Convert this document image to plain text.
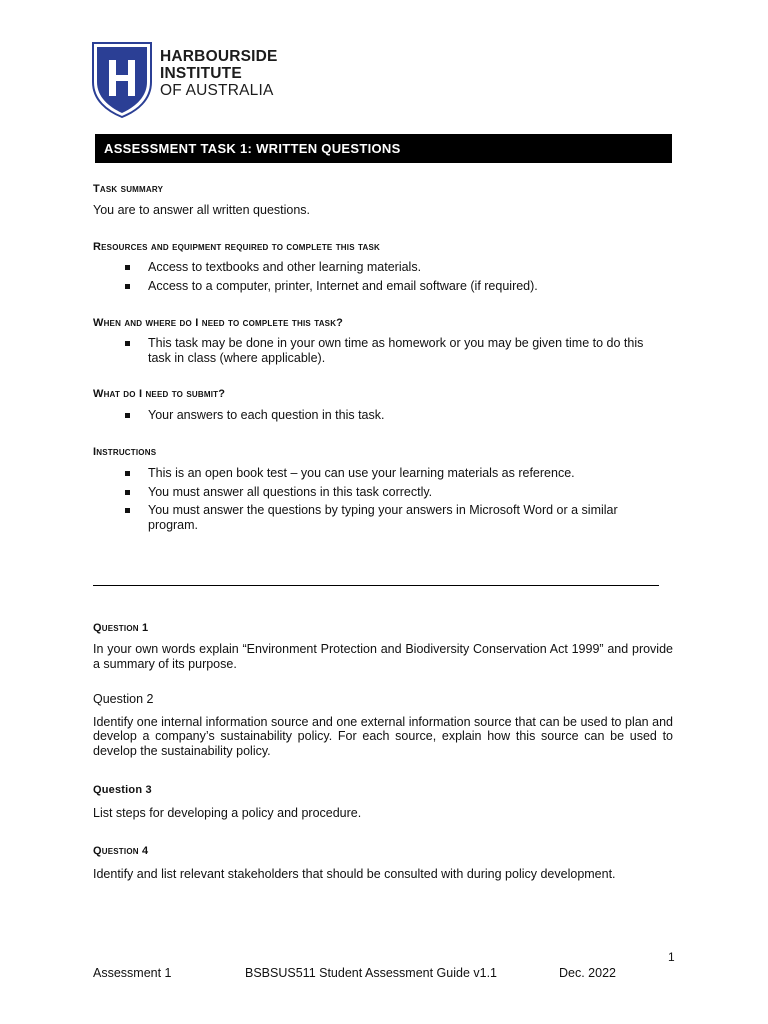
HARBOURSIDE
INSTITUTE
OF AUSTRALIA
ASSESSMENT TASK 1: WRITTEN QUESTIONS
Task summary
You are to answer all written questions.
Resources and equipment required to complete this task
Access to textbooks and other learning materials.
Access to a computer, printer, Internet and email software (if required).
When and where do I need to complete this task?
This task may be done in your own time as homework or you may be given time to do this task in class (where applicable).
What do I need to submit?
Your answers to each question in this task.
Instructions
This is an open book test – you can use your learning materials as reference.
You must answer all questions in this task correctly.
You must answer the questions by typing your answers in Microsoft Word or a similar program.
Question 1
In your own words explain “Environment Protection and Biodiversity Conservation Act 1999” and provide a summary of its purpose.
Question 2
Identify one internal information source and one external information source that can be used to plan and develop a company’s sustainability policy. For each source, explain how this source can be used to develop the sustainability policy.
Question 3
List steps for developing a policy and procedure.
Question 4
Identify and list relevant stakeholders that should be consulted with during policy development.
1
Assessment 1	BSBSUS511 Student Assessment Guide v1.1	Dec. 2022
